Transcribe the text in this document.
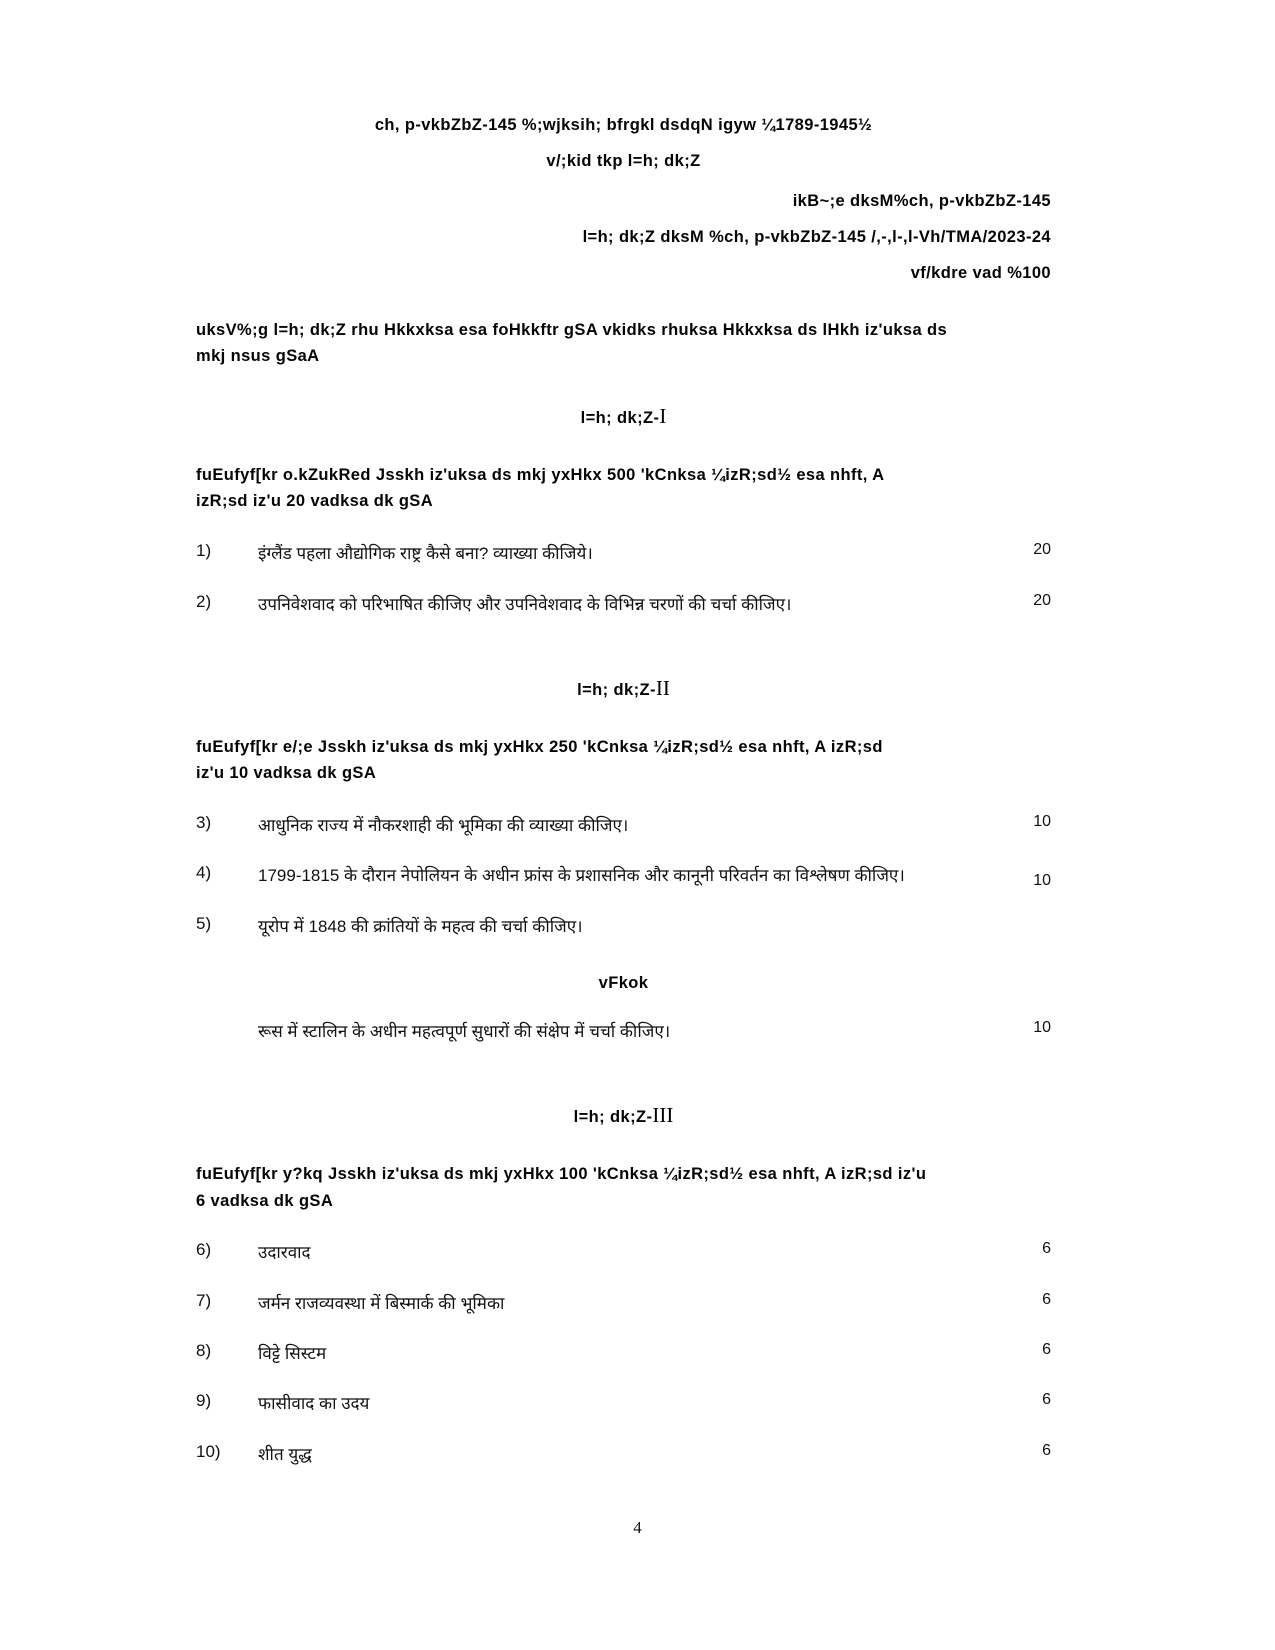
ch, p-vkbZbZ-145 %;wjksih; bfrgkl dsdqN igyw ¼1789-1945½
v/;kid tkp l=h; dk;Z
ikB~;e dksM%ch, p-vkbZbZ-145
l=h; dk;Z dksM %ch, p-vkbZbZ-145 /,-,l-,l-Vh/TMA/2023-24
vf/kdre vad %100
uksV%;g l=h; dk;Z rhu Hkkxksa esa foHkkftr gSA vkidks rhuksa Hkkxksa ds lHkh iz'uksa ds
mkj nsus gSaA
l=h; dk;Z-I
fuEufyf[kr o.kZukRed Jsskh iz'uksa ds mkj yxHkx 500 'kCnksa ¼izR;sd½ esa nhft, A
izR;sd iz'u 20 vadksa dk gSA
1)	इंग्लैंड पहला औद्योगिक राष्ट्र कैसे बना? व्याख्या कीजिये।	20
2)	उपनिवेशवाद को परिभाषित कीजिए और उपनिवेशवाद के विभिन्न चरणों की चर्चा कीजिए।	20
l=h; dk;Z-II
fuEufyf[kr e/;e Jsskh iz'uksa ds mkj yxHkx 250 'kCnksa ¼izR;sd½ esa nhft, A izR;sd
iz'u 10 vadksa dk gSA
3)	आधुनिक राज्य में नौकरशाही की भूमिका की व्याख्या कीजिए।	10
4)	1799-1815 के दौरान नेपोलियन के अधीन फ्रांस के प्रशासनिक और कानूनी परिवर्तन का विश्लेषण कीजिए।	10
5)	यूरोप में 1848 की क्रांतियों के महत्व की चर्चा कीजिए।	
vFkok
	रूस में स्टालिन के अधीन महत्वपूर्ण सुधारों की संक्षेप में चर्चा कीजिए।	10
l=h; dk;Z-III
fuEufyf[kr y?kq Jsskh iz'uksa ds mkj yxHkx 100 'kCnksa ¼izR;sd½ esa nhft, A izR;sd iz'u
6 vadksa dk gSA
6)	उदारवाद	6
7)	जर्मन राजव्यवस्था में बिस्मार्क की भूमिका	6
8)	विट्टे सिस्टम	6
9)	फासीवाद का उदय	6
10)	शीत युद्ध	6
4
